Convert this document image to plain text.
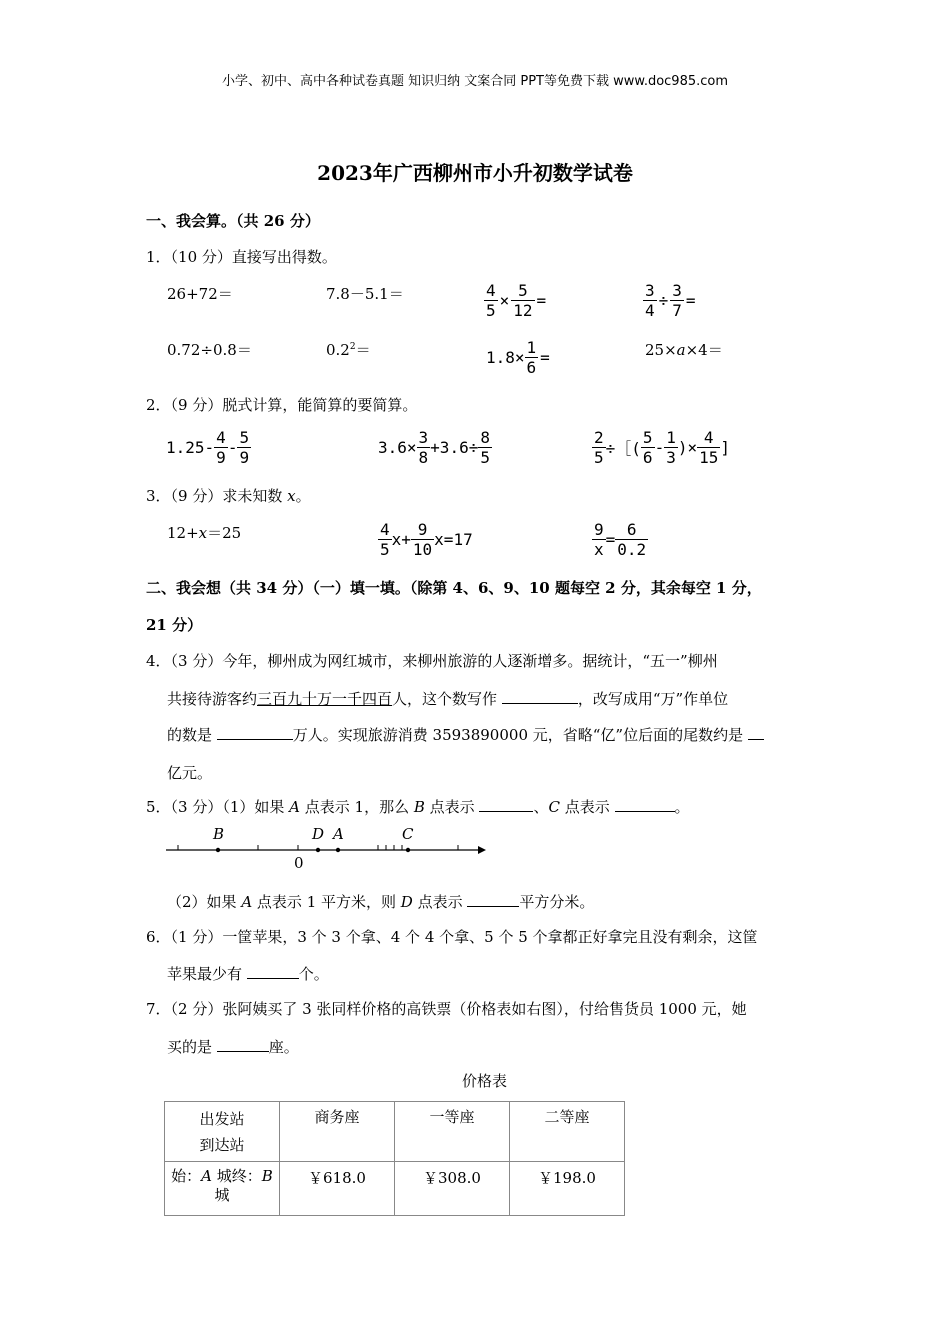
小学、初中、高中各种试卷真题 知识归纳 文案合同 PPT等免费下载 www.doc985.com
2023年广西柳州市小升初数学试卷
一、我会算。（共 26 分）
1．（10 分）直接写出得数。
26+72＝	7.8－5.1＝	$\frac{4}{5} \times \frac{5}{12}$ =	$\frac{3}{4} \div \frac{3}{7}$ =
0.72÷0.8＝	$0.2^2=$	$1.8\times \frac{1}{6}$ =	25×a×4＝
2．（9 分）脱式计算，能简算的要简算。
$1.25- \frac{4}{9} - \frac{5}{9}$	$3.6\times \frac{3}{8} +3.6\div \frac{8}{5}$	$\frac{2}{5}$ ÷［( $\frac{5}{6} - \frac{1}{3}$ )× $\frac{4}{15}$ ]
3．（9 分）求未知数 x。
12+x＝25	$\frac{4}{5} x+ \frac{9}{10} x=17$	$\frac{9}{x} = \frac{6}{0.2}$
二、我会想（共 34 分）（一）填一填。（除第 4、6、9、10 题每空 2 分，其余每空 1 分，
21 分）
4．（3 分）今年，柳州成为网红城市，来柳州旅游的人逐渐增多。据统计，“五一”柳州
共接待游客约三百九十万一千四百人，这个数写作	，改写成用“万”作单位
的数是	万人。实现旅游消费 3593890000 元，省略“亿”位后面的尾数约是
亿元。
5．（3 分）（1）如果 A 点表示 1，那么 B 点表示	、C 点表示	。
B	D A	C
0
（2）如果 A 点表示 1 平方米，则 D 点表示	平方分米。
6．（1 分）一筐苹果，3 个 3 个拿、4 个 4 个拿、5 个 5 个拿都正好拿完且没有剩余，这筐
苹果最少有	个。
7．（2 分）张阿姨买了 3 张同样价格的高铁票（价格表如右图），付给售货员 1000 元，她
买的是	座。
价格表
出发站
到达站	商务座	一等座	二等座
始：A 城终：B
城	￥618.0	￥308.0	￥198.0
